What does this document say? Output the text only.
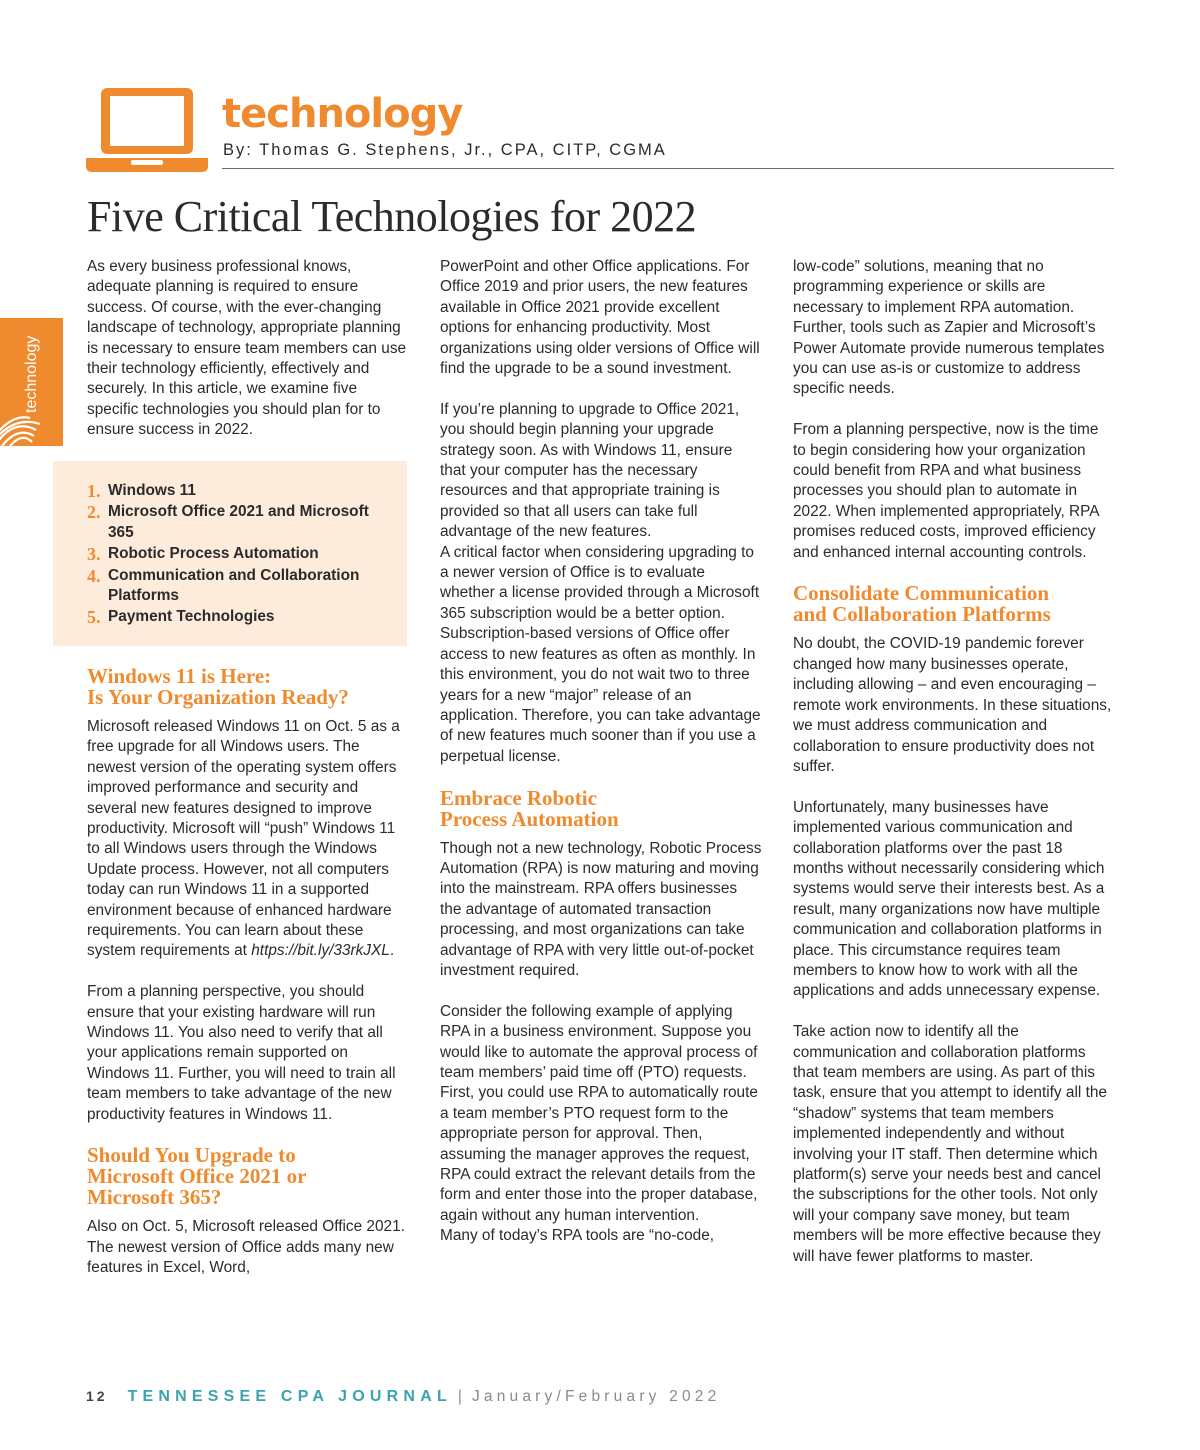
technology
By: Thomas G. Stephens, Jr., CPA, CITP, CGMA
Five Critical Technologies for 2022
technology

As every business professional knows, adequate planning is required to ensure success. Of course, with the ever-changing landscape of technology, appropriate planning is necessary to ensure team members can use their technology efficiently, effectively and securely. In this article, we examine five specific technologies you should plan for to ensure success in 2022.

1. Windows 11
2. Microsoft Office 2021 and Microsoft 365
3. Robotic Process Automation
4. Communication and Collaboration Platforms
5. Payment Technologies
Windows 11 is Here:
Is Your Organization Ready?

Microsoft released Windows 11 on Oct. 5 as a free upgrade for all Windows users. The newest version of the operating system offers improved performance and security and several new features designed to improve productivity. Microsoft will “push” Windows 11 to all Windows users through the Windows Update process. However, not all computers today can run Windows 11 in a supported environment because of enhanced hardware requirements. You can learn about these system requirements at https://bit.ly/33rkJXL.

From a planning perspective, you should ensure that your existing hardware will run Windows 11. You also need to verify that all your applications remain supported on Windows 11. Further, you will need to train all team members to take advantage of the new productivity features in Windows 11.

Should You Upgrade to
Microsoft Office 2021 or
Microsoft 365?

Also on Oct. 5, Microsoft released Office 2021. The newest version of Office adds many new features in Excel, Word,

PowerPoint and other Office applications. For Office 2019 and prior users, the new features available in Office 2021 provide excellent options for enhancing productivity. Most organizations using older versions of Office will find the upgrade to be a sound investment.

If you’re planning to upgrade to Office 2021, you should begin planning your upgrade strategy soon. As with Windows 11, ensure that your computer has the necessary resources and that appropriate training is provided so that all users can take full advantage of the new features.

A critical factor when considering upgrading to a newer version of Office is to evaluate whether a license provided through a Microsoft 365 subscription would be a better option. Subscription-based versions of Office offer access to new features as often as monthly. In this environment, you do not wait two to three years for a new “major” release of an application. Therefore, you can take advantage of new features much sooner than if you use a perpetual license.

Embrace Robotic
Process Automation

Though not a new technology, Robotic Process Automation (RPA) is now maturing and moving into the mainstream. RPA offers businesses the advantage of automated transaction processing, and most organizations can take advantage of RPA with very little out-of-pocket investment required.

Consider the following example of applying RPA in a business environment. Suppose you would like to automate the approval process of team members’ paid time off (PTO) requests. First, you could use RPA to automatically route a team member’s PTO request form to the appropriate person for approval. Then, assuming the manager approves the request, RPA could extract the relevant details from the form and enter those into the proper database, again without any human intervention.

Many of today’s RPA tools are “no-code,

low-code” solutions, meaning that no programming experience or skills are necessary to implement RPA automation. Further, tools such as Zapier and Microsoft’s Power Automate provide numerous templates you can use as-is or customize to address specific needs.

From a planning perspective, now is the time to begin considering how your organization could benefit from RPA and what business processes you should plan to automate in 2022. When implemented appropriately, RPA promises reduced costs, improved efficiency and enhanced internal accounting controls.

Consolidate Communication
and Collaboration Platforms

No doubt, the COVID-19 pandemic forever changed how many businesses operate, including allowing – and even encouraging – remote work environments. In these situations, we must address communication and collaboration to ensure productivity does not suffer.

Unfortunately, many businesses have implemented various communication and collaboration platforms over the past 18 months without necessarily considering which systems would serve their interests best. As a result, many organizations now have multiple communication and collaboration platforms in place. This circumstance requires team members to know how to work with all the applications and adds unnecessary expense.

Take action now to identify all the communication and collaboration platforms that team members are using. As part of this task, ensure that you attempt to identify all the “shadow” systems that team members implemented independently and without involving your IT staff. Then determine which platform(s) serve your needs best and cancel the subscriptions for the other tools. Not only will your company save money, but team members will be more effective because they will have fewer platforms to master.

12 TENNESSEE CPA JOURNAL | January/February 2022
